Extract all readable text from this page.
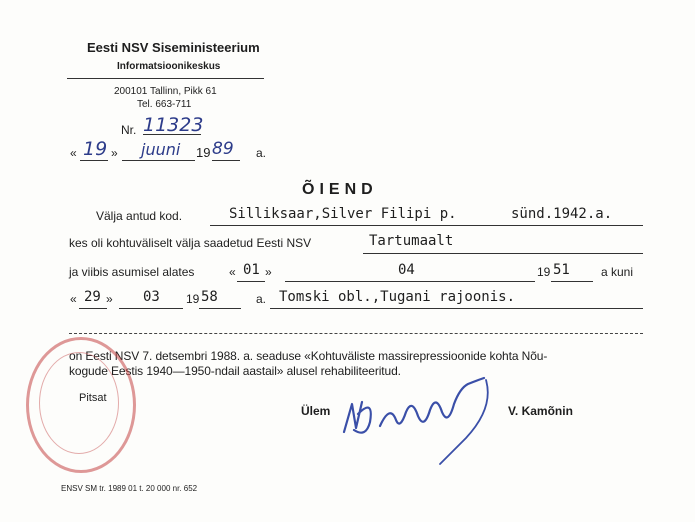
Eesti NSV Siseministeerium
Informatsioonikeskus
200101 Tallinn, Pikk 61
Tel. 663-711
Nr. 11323
« 19 » juuni 19 89 a.
ÕIEND
Välja antud kod.	Silliksaar,Silver Filipi p.	sünd.1942.a.
kes oli kohtuväliselt välja saadetud Eesti NSV	Tartumaalt
ja viibis asumisel alates	« 01 »	04	19 51	a kuni
« 29 » 03 19 58	a. Tomski obl.,Tugani rajoonis.
on Eesti NSV 7. detsembri 1988. a. seaduse «Kohtuväliste massirepressioonide kohta Nõu-
kogude Eestis 1940—1950-ndail aastail» alusel rehabiliteeritud.
Pitsat
Ülem	V. Kamõnin
ENSV SM tr. 1989 01 t. 20 000 nr. 652
